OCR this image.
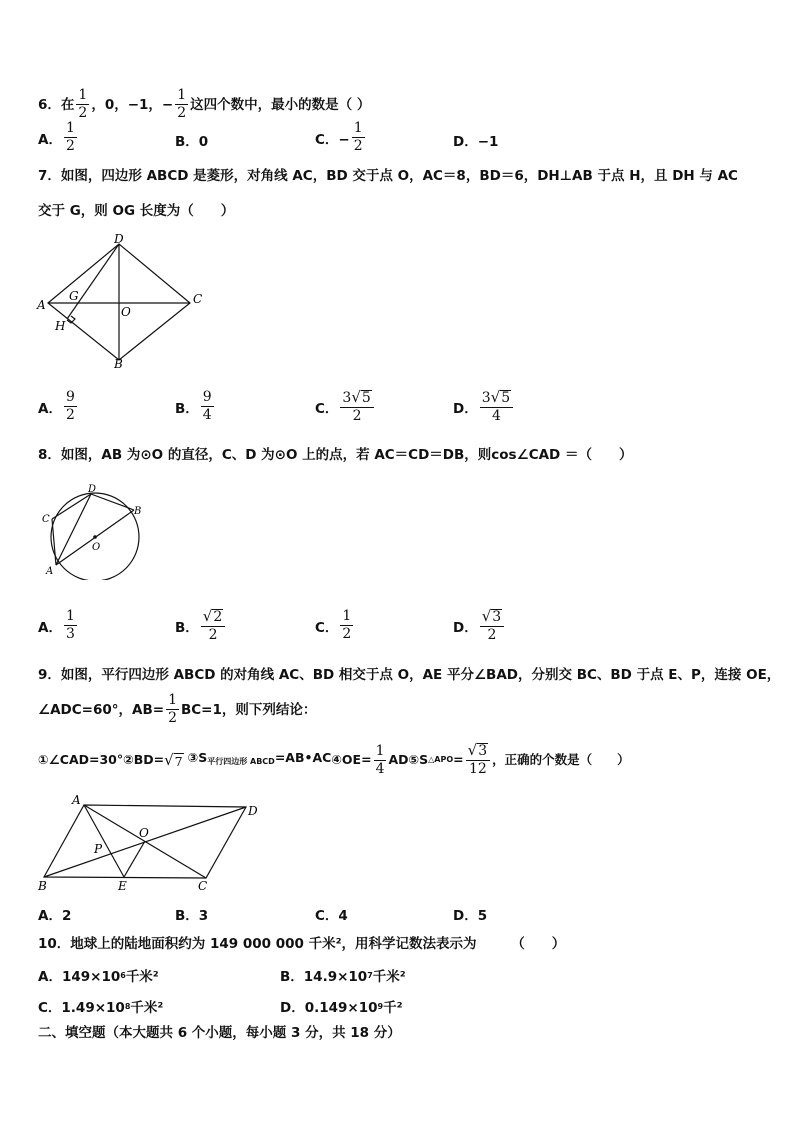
6．在 $\frac{1}{2}$ ，0，−1，− $\frac{1}{2}$ 这四个数中，最小的数是（ ）
A． $\frac{1}{2}$	B．0	C．− $\frac{1}{2}$	D．−1
7．如图，四边形 ABCD 是菱形，对角线 AC，BD 交于点 O，AC＝8，BD＝6，DH⊥AB 于点 H，且 DH 与 AC
交于 G，则 OG 长度为（　　）
D
A	C
B
G
H
O
A． $\frac{9}{2}$	B． $\frac{9}{4}$	C． $\frac{3 √ 5}{2}$	D． $\frac{3 √ 5}{4}$
8．如图，AB 为⊙O 的直径，C、D 为⊙O 上的点，若 AC＝CD＝DB，则cos∠CAD ＝（　　）
D
C
B
A
O
A． $\frac{1}{3}$	B． $\frac{√ 2}{2}$	C． $\frac{1}{2}$	D． $\frac{√ 3}{2}$
9．如图，平行四边形 ABCD 的对角线 AC、BD 相交于点 O，AE 平分∠BAD，分别交 BC、BD 于点 E、P，连接 OE，
∠ADC=60°，$AB= \frac{1}{2} BC=1$，则下列结论：
①∠CAD=30° ②BD= √ 7 ③S平行四边形 ABCD=AB•AC ④OE= $\frac{1}{4}$ AD ⑤S △APO = $\frac{√ 3}{12}$ ，正确的个数是（　　）
A
D
B	C
E
O
P
A．2	B．3	C．4	D．5
10．地球上的陆地面积约为 149 000 000 千米²，用科学记数法表示为	（　　）
A．149×10 6 千米²	B．14.9×10 7 千米²
C．1.49×10 8 千米²	D．0.149×10 9 千²
二、填空题（本大题共 6 个小题，每小题 3 分，共 18 分）
